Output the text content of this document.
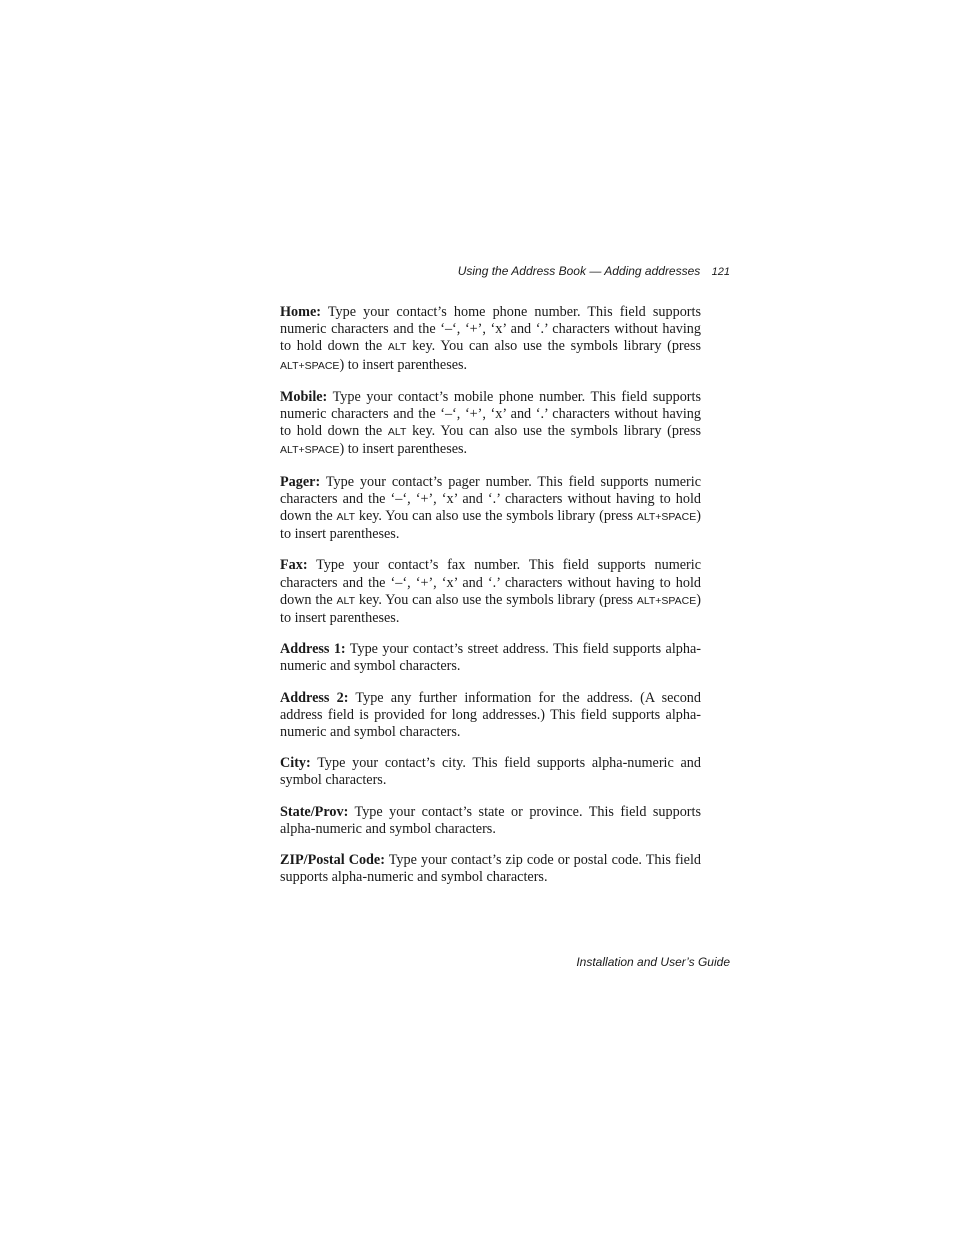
Using the Address Book — Adding addresses 121

Home: Type your contact’s home phone number. This field supports numeric characters and the ‘–‘, ‘+’, ‘x’ and ‘.’ characters without having to hold down the ALT key. You can also use the symbols library (press ALT+SPACE) to insert parentheses.

Mobile: Type your contact’s mobile phone number. This field supports numeric characters and the ‘–‘, ‘+’, ‘x’ and ‘.’ characters without having to hold down the ALT key. You can also use the symbols library (press ALT+SPACE) to insert parentheses.

Pager: Type your contact’s pager number. This field supports numeric characters and the ‘–‘, ‘+’, ‘x’ and ‘.’ characters without having to hold down the ALT key. You can also use the symbols library (press ALT+SPACE) to insert parentheses.

Fax: Type your contact’s fax number. This field supports numeric characters and the ‘–‘, ‘+’, ‘x’ and ‘.’ characters without having to hold down the ALT key. You can also use the symbols library (press ALT+SPACE) to insert parentheses.

Address 1: Type your contact’s street address. This field supports alpha-numeric and symbol characters.

Address 2: Type any further information for the address. (A second address field is provided for long addresses.) This field supports alpha-numeric and symbol characters.

City: Type your contact’s city. This field supports alpha-numeric and symbol characters.

State/Prov: Type your contact’s state or province. This field supports alpha-numeric and symbol characters.

ZIP/Postal Code: Type your contact’s zip code or postal code. This field supports alpha-numeric and symbol characters.

Installation and User’s Guide
